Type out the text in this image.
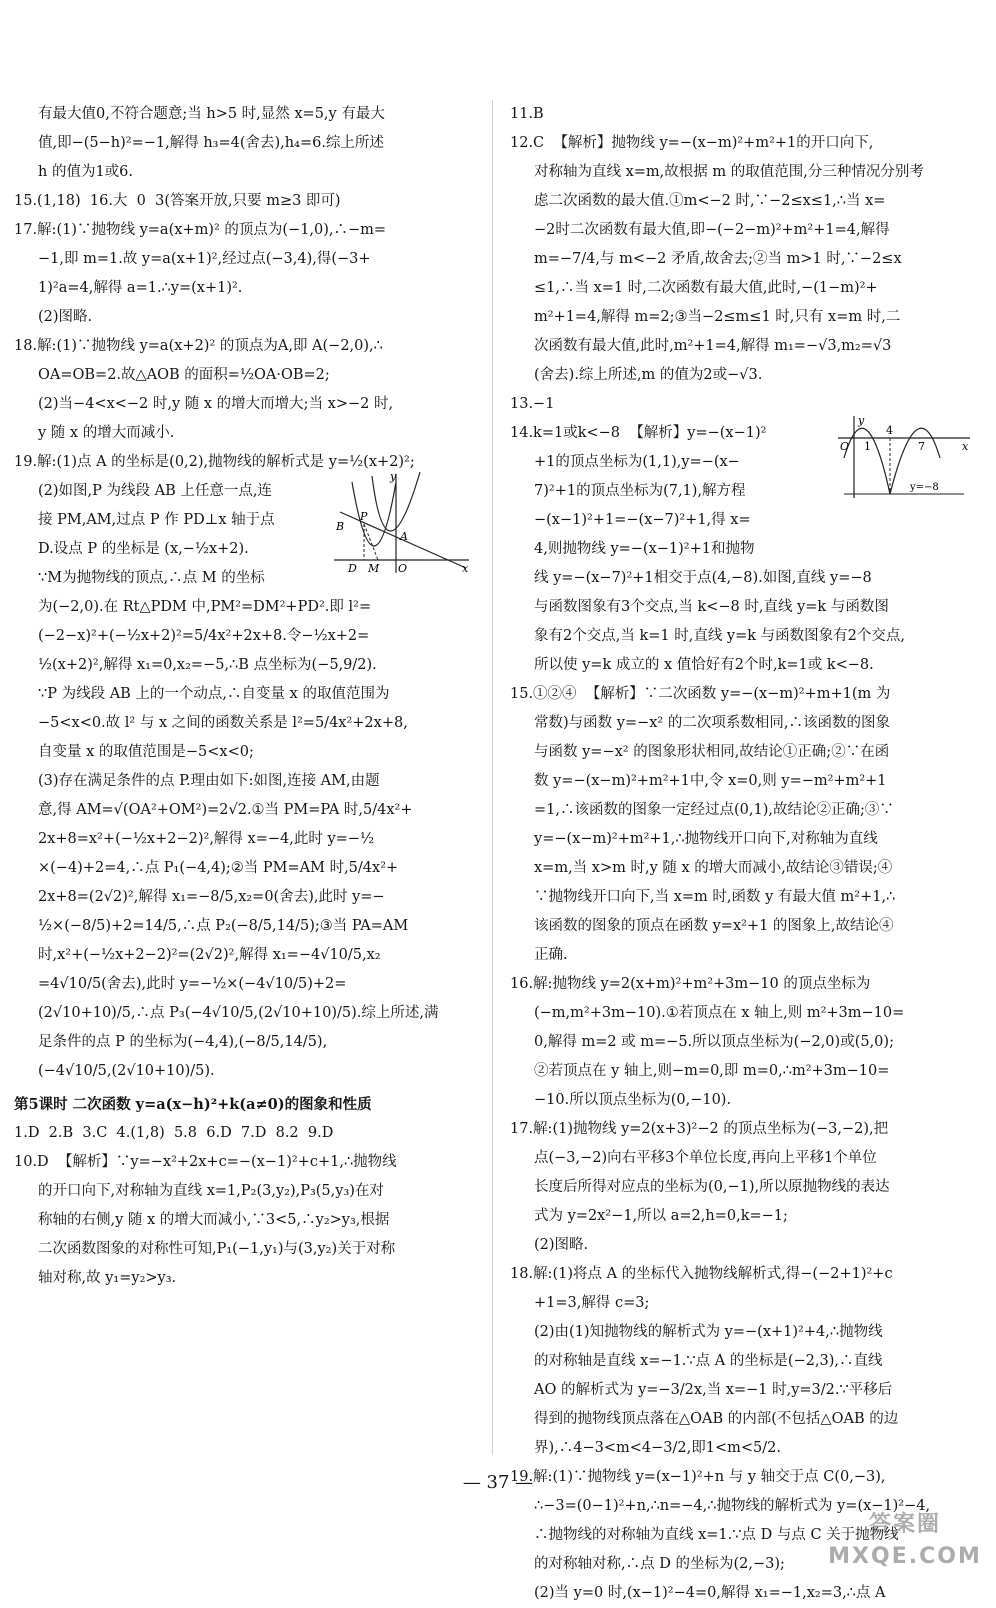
有最大值0,不符合题意;当 h>5 时,显然 x=5,y 有最大
值,即−(5−h)²=−1,解得 h₃=4(舍去),h₄=6.综上所述
h 的值为1或6.
15.(1,18)  16.大  0  3(答案开放,只要 m≥3 即可)
17.解:(1)∵抛物线 y=a(x+m)² 的顶点为(−1,0),∴−m=
−1,即 m=1.故 y=a(x+1)²,经过点(−3,4),得(−3+
1)²a=4,解得 a=1.∴y=(x+1)².
(2)图略.
18.解:(1)∵抛物线 y=a(x+2)² 的顶点为A,即 A(−2,0),∴
OA=OB=2.故△AOB 的面积=½OA·OB=2;
(2)当−4<x<−2 时,y 随 x 的增大而增大;当 x>−2 时,
y 随 x 的增大而减小.
19.解:(1)点 A 的坐标是(0,2),抛物线的解析式是 y=½(x+2)²;
(2)如图,P 为线段 AB 上任意一点,连
接 PM,AM,过点 P 作 PD⊥x 轴于点
D.设点 P 的坐标是 (x,−½x+2).
∵M为抛物线的顶点,∴点 M 的坐标
为(−2,0).在 Rt△PDM 中,PM²=DM²+PD².即 l²=
(−2−x)²+(−½x+2)²=5/4x²+2x+8.令−½x+2=
½(x+2)²,解得 x₁=0,x₂=−5,∴B 点坐标为(−5,9/2).
∵P 为线段 AB 上的一个动点,∴自变量 x 的取值范围为
−5<x<0.故 l² 与 x 之间的函数关系是 l²=5/4x²+2x+8,
自变量 x 的取值范围是−5<x<0;
(3)存在满足条件的点 P.理由如下:如图,连接 AM,由题
意,得 AM=√(OA²+OM²)=2√2.①当 PM=PA 时,5/4x²+
2x+8=x²+(−½x+2−2)²,解得 x=−4,此时 y=−½
×(−4)+2=4,∴点 P₁(−4,4);②当 PM=AM 时,5/4x²+
2x+8=(2√2)²,解得 x₁=−8/5,x₂=0(舍去),此时 y=−
½×(−8/5)+2=14/5,∴点 P₂(−8/5,14/5);③当 PA=AM
时,x²+(−½x+2−2)²=(2√2)²,解得 x₁=−4√10/5,x₂
=4√10/5(舍去),此时 y=−½×(−4√10/5)+2=
(2√10+10)/5,∴点 P₃(−4√10/5,(2√10+10)/5).综上所述,满
足条件的点 P 的坐标为(−4,4),(−8/5,14/5),
(−4√10/5,(2√10+10)/5).
第5课时 二次函数 y=a(x−h)²+k(a≠0)的图象和性质
1.D  2.B  3.C  4.(1,8)  5.8  6.D  7.D  8.2  9.D
10.D  【解析】∵y=−x²+2x+c=−(x−1)²+c+1,∴抛物线
的开口向下,对称轴为直线 x=1,P₂(3,y₂),P₃(5,y₃)在对
称轴的右侧,y 随 x 的增大而减小,∵3<5,∴y₂>y₃,根据
二次函数图象的对称性可知,P₁(−1,y₁)与(3,y₂)关于对称
轴对称,故 y₁=y₂>y₃.
11.B
12.C  【解析】抛物线 y=−(x−m)²+m²+1的开口向下,
对称轴为直线 x=m,故根据 m 的取值范围,分三种情况分别考
虑二次函数的最大值.①m<−2 时,∵−2≤x≤1,∴当 x=
−2时二次函数有最大值,即−(−2−m)²+m²+1=4,解得
m=−7/4,与 m<−2 矛盾,故舍去;②当 m>1 时,∵−2≤x
≤1,∴当 x=1 时,二次函数有最大值,此时,−(1−m)²+
m²+1=4,解得 m=2;③当−2≤m≤1 时,只有 x=m 时,二
次函数有最大值,此时,m²+1=4,解得 m₁=−√3,m₂=√3
(舍去).综上所述,m 的值为2或−√3.
13.−1
14.k=1或k<−8  【解析】y=−(x−1)²
+1的顶点坐标为(1,1),y=−(x−
7)²+1的顶点坐标为(7,1),解方程
−(x−1)²+1=−(x−7)²+1,得 x=
4,则抛物线 y=−(x−1)²+1和抛物
线 y=−(x−7)²+1相交于点(4,−8).如图,直线 y=−8
与函数图象有3个交点,当 k<−8 时,直线 y=k 与函数图
象有2个交点,当 k=1 时,直线 y=k 与函数图象有2个交点,
所以使 y=k 成立的 x 值恰好有2个时,k=1或 k<−8.
15.①②④  【解析】∵二次函数 y=−(x−m)²+m+1(m 为
常数)与函数 y=−x² 的二次项系数相同,∴该函数的图象
与函数 y=−x² 的图象形状相同,故结论①正确;②∵在函
数 y=−(x−m)²+m²+1中,令 x=0,则 y=−m²+m²+1
=1,∴该函数的图象一定经过点(0,1),故结论②正确;③∵
y=−(x−m)²+m²+1,∴抛物线开口向下,对称轴为直线
x=m,当 x>m 时,y 随 x 的增大而减小,故结论③错误;④
∵抛物线开口向下,当 x=m 时,函数 y 有最大值 m²+1,∴
该函数的图象的顶点在函数 y=x²+1 的图象上,故结论④
正确.
16.解:抛物线 y=2(x+m)²+m²+3m−10 的顶点坐标为
(−m,m²+3m−10).①若顶点在 x 轴上,则 m²+3m−10=
0,解得 m=2 或 m=−5.所以顶点坐标为(−2,0)或(5,0);
②若顶点在 y 轴上,则−m=0,即 m=0,∴m²+3m−10=
−10.所以顶点坐标为(0,−10).
17.解:(1)抛物线 y=2(x+3)²−2 的顶点坐标为(−3,−2),把
点(−3,−2)向右平移3个单位长度,再向上平移1个单位
长度后所得对应点的坐标为(0,−1),所以原抛物线的表达
式为 y=2x²−1,所以 a=2,h=0,k=−1;
(2)图略.
18.解:(1)将点 A 的坐标代入抛物线解析式,得−(−2+1)²+c
+1=3,解得 c=3;
(2)由(1)知抛物线的解析式为 y=−(x+1)²+4,∴抛物线
的对称轴是直线 x=−1.∵点 A 的坐标是(−2,3),∴直线
AO 的解析式为 y=−3/2x,当 x=−1 时,y=3/2.∵平移后
得到的抛物线顶点落在△OAB 的内部(不包括△OAB 的边
界),∴4−3<m<4−3/2,即1<m<5/2.
19.解:(1)∵抛物线 y=(x−1)²+n 与 y 轴交于点 C(0,−3),
∴−3=(0−1)²+n,∴n=−4,∴抛物线的解析式为 y=(x−1)²−4,
∴抛物线的对称轴为直线 x=1.∵点 D 与点 C 关于抛物线
的对称轴对称,∴点 D 的坐标为(2,−3);
(2)当 y=0 时,(x−1)²−4=0,解得 x₁=−1,x₂=3,∴点 A
y
P
B
A
D M O	x
y
O 1
4
7	x
y=−8
— 37 —
答案圈 MXQE.COM
